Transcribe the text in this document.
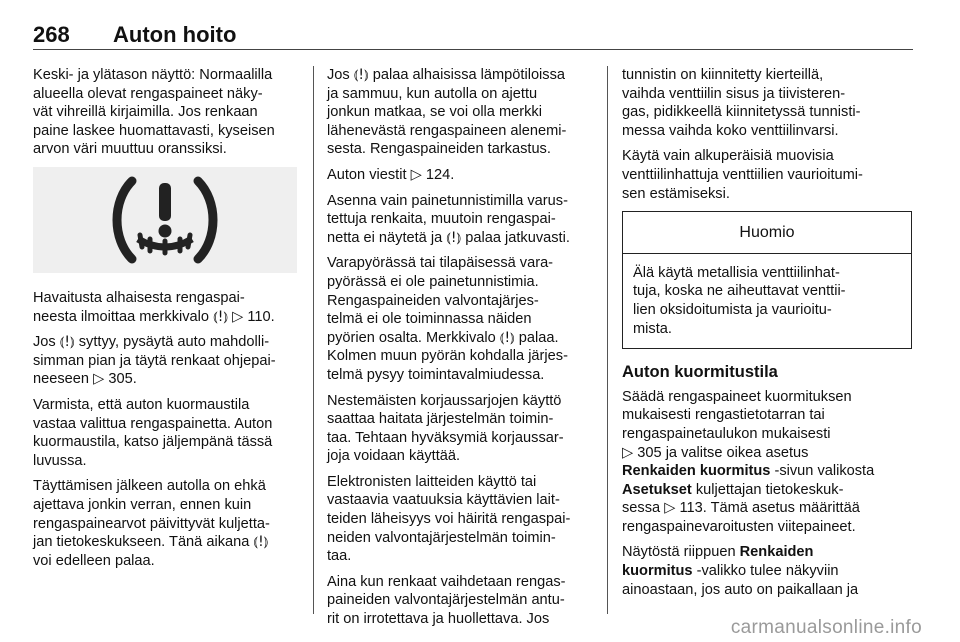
268	Auton hoito

Keski- ja ylätason näyttö: Normaalilla
alueella olevat rengaspaineet näky-
vät vihreillä kirjaimilla. Jos renkaan
paine laskee huomattavasti, kyseisen
arvon väri muuttuu oranssiksi.

Havaitusta alhaisesta rengaspai-
neesta ilmoittaa merkkivalo ⦅!⦆ ▷ 110.

Jos ⦅!⦆ syttyy, pysäytä auto mahdolli-
simman pian ja täytä renkaat ohjepai-
neeseen ▷ 305.

Varmista, että auton kuormaustila
vastaa valittua rengaspainetta. Auton
kuormaustila, katso jäljempänä tässä
luvussa.

Täyttämisen jälkeen autolla on ehkä
ajettava jonkin verran, ennen kuin
rengaspainearvot päivittyvät kuljetta-
jan tietokeskukseen. Tänä aikana ⦅!⦆
voi edelleen palaa.

Jos ⦅!⦆ palaa alhaisissa lämpötiloissa
ja sammuu, kun autolla on ajettu
jonkun matkaa, se voi olla merkki
lähenevästä rengaspaineen alenemi-
sesta. Rengaspaineiden tarkastus.

Auton viestit ▷ 124.

Asenna vain painetunnistimilla varus-
tettuja renkaita, muutoin rengaspai-
netta ei näytetä ja ⦅!⦆ palaa jatkuvasti.

Varapyörässä tai tilapäisessä vara-
pyörässä ei ole painetunnistimia.
Rengaspaineiden valvontajärjes-
telmä ei ole toiminnassa näiden
pyörien osalta. Merkkivalo ⦅!⦆ palaa.
Kolmen muun pyörän kohdalla järjes-
telmä pysyy toimintavalmiudessa.

Nestemäisten korjaussarjojen käyttö
saattaa haitata järjestelmän toimin-
taa. Tehtaan hyväksymiä korjaussar-
joja voidaan käyttää.

Elektronisten laitteiden käyttö tai
vastaavia vaatuuksia käyttävien lait-
teiden läheisyys voi häiritä rengaspai-
neiden valvontajärjestelmän toimin-
taa.

Aina kun renkaat vaihdetaan rengas-
paineiden valvontajärjestelmän antu-
rit on irrotettava ja huollettava. Jos

tunnistin on kiinnitetty kierteillä,
vaihda venttiilin sisus ja tiivisteren-
gas, pidikkeellä kiinnitetyssä tunnisti-
messa vaihda koko venttiilinvarsi.

Käytä vain alkuperäisiä muovisia
venttiilinhattuja venttiilien vaurioitumi-
sen estämiseksi.

Huomio
Älä käytä metallisia venttiilinhat-
tuja, koska ne aiheuttavat venttii-
lien oksidoitumista ja vaurioitu-
mista.
Auton kuormitustila

Säädä rengaspaineet kuormituksen
mukaisesti rengastietotarran tai
rengaspainetaulukon mukaisesti
▷ 305 ja valitse oikea asetus
Renkaiden kuormitus -sivun valikosta
Asetukset kuljettajan tietokeskuk-
sessa ▷ 113. Tämä asetus määrittää
rengaspainevaroitusten viitepaineet.

Näytöstä riippuen Renkaiden
kuormitus -valikko tulee näkyviin
ainoastaan, jos auto on paikallaan ja

carmanualsonline.info
